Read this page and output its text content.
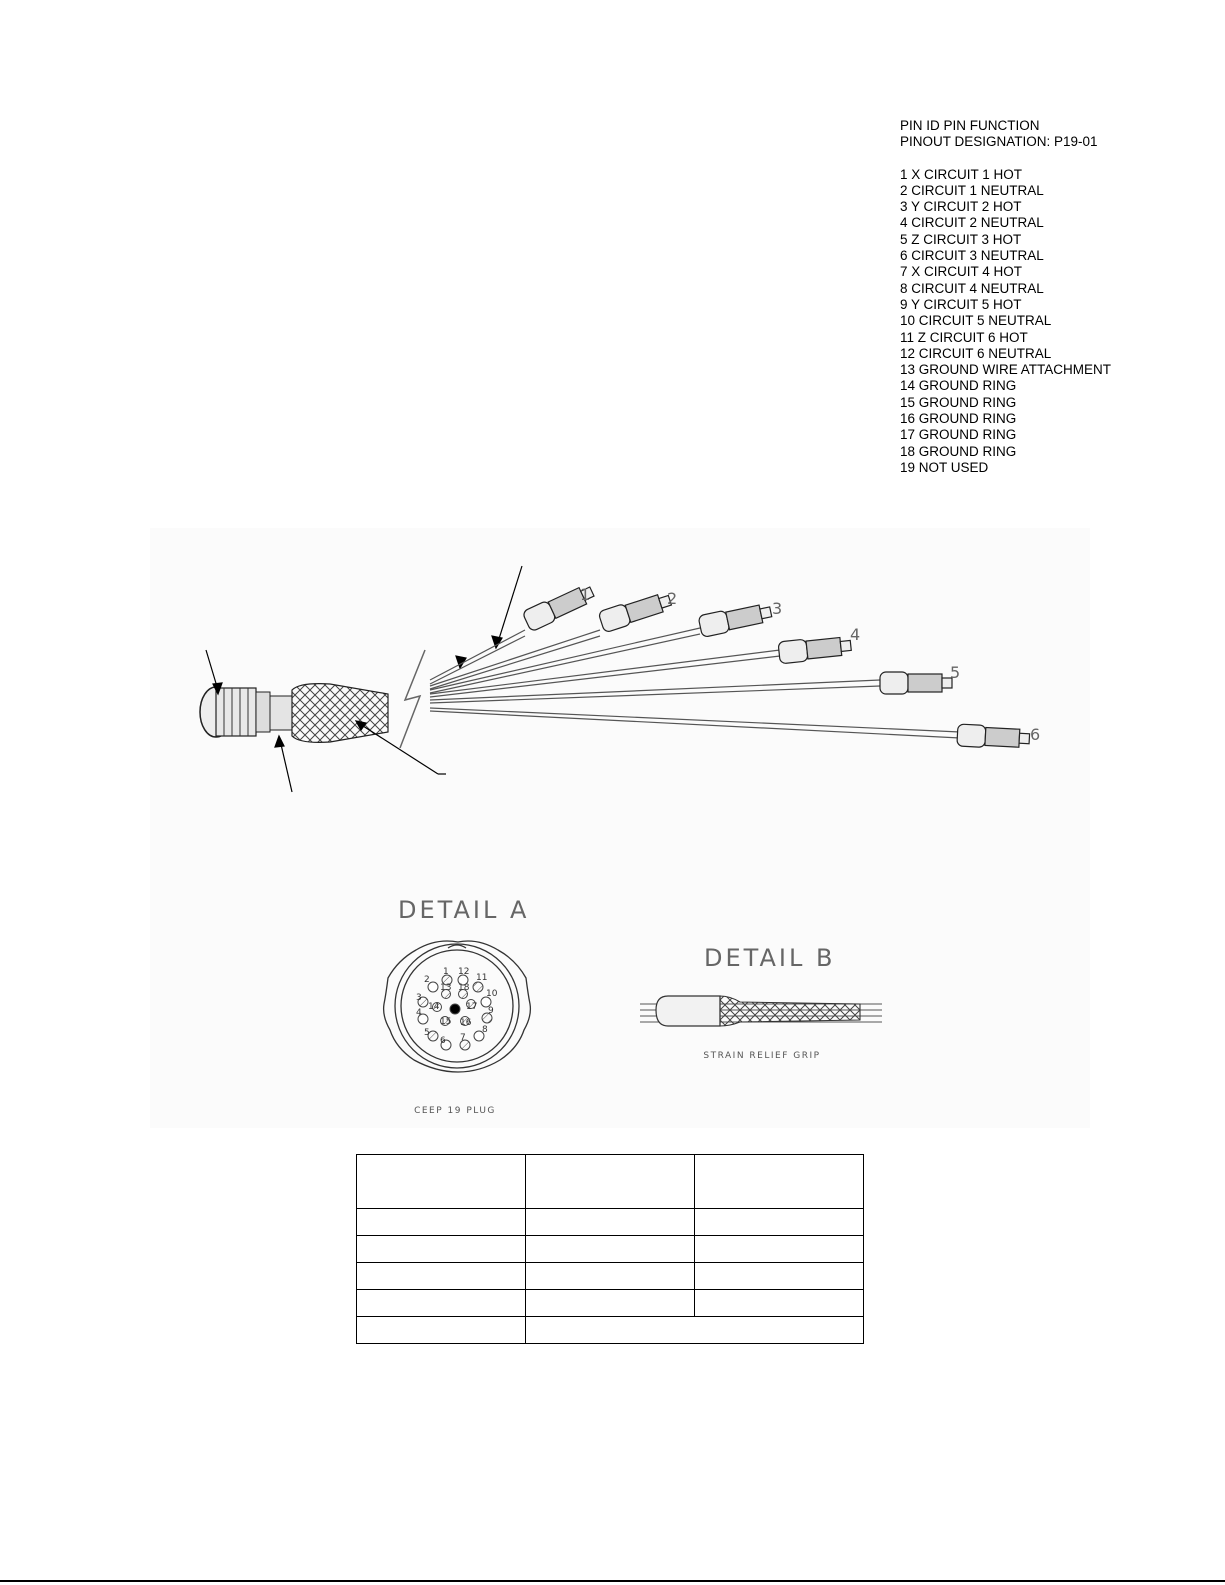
PIN ID PIN FUNCTION
PINOUT DESIGNATION: P19-01
1 X CIRCUIT 1 HOT
2 CIRCUIT 1 NEUTRAL
3 Y CIRCUIT 2 HOT
4 CIRCUIT 2 NEUTRAL
5 Z CIRCUIT 3 HOT
6 CIRCUIT 3 NEUTRAL
7 X CIRCUIT 4 HOT
8 CIRCUIT 4 NEUTRAL
9 Y CIRCUIT 5 HOT
10 CIRCUIT 5 NEUTRAL
11 Z CIRCUIT 6 HOT
12 CIRCUIT 6 NEUTRAL
13 GROUND WIRE ATTACHMENT
14 GROUND RING
15 GROUND RING
16 GROUND RING
17 GROUND RING
18 GROUND RING
19 NOT USED
1	2
3
4
5
6
DETAIL A
1
2
3
4
5
6 7
8
9
10
11
12
13
14
15 16
17
18
CEEP 19 PLUG
DETAIL B
STRAIN RELIEF GRIP
